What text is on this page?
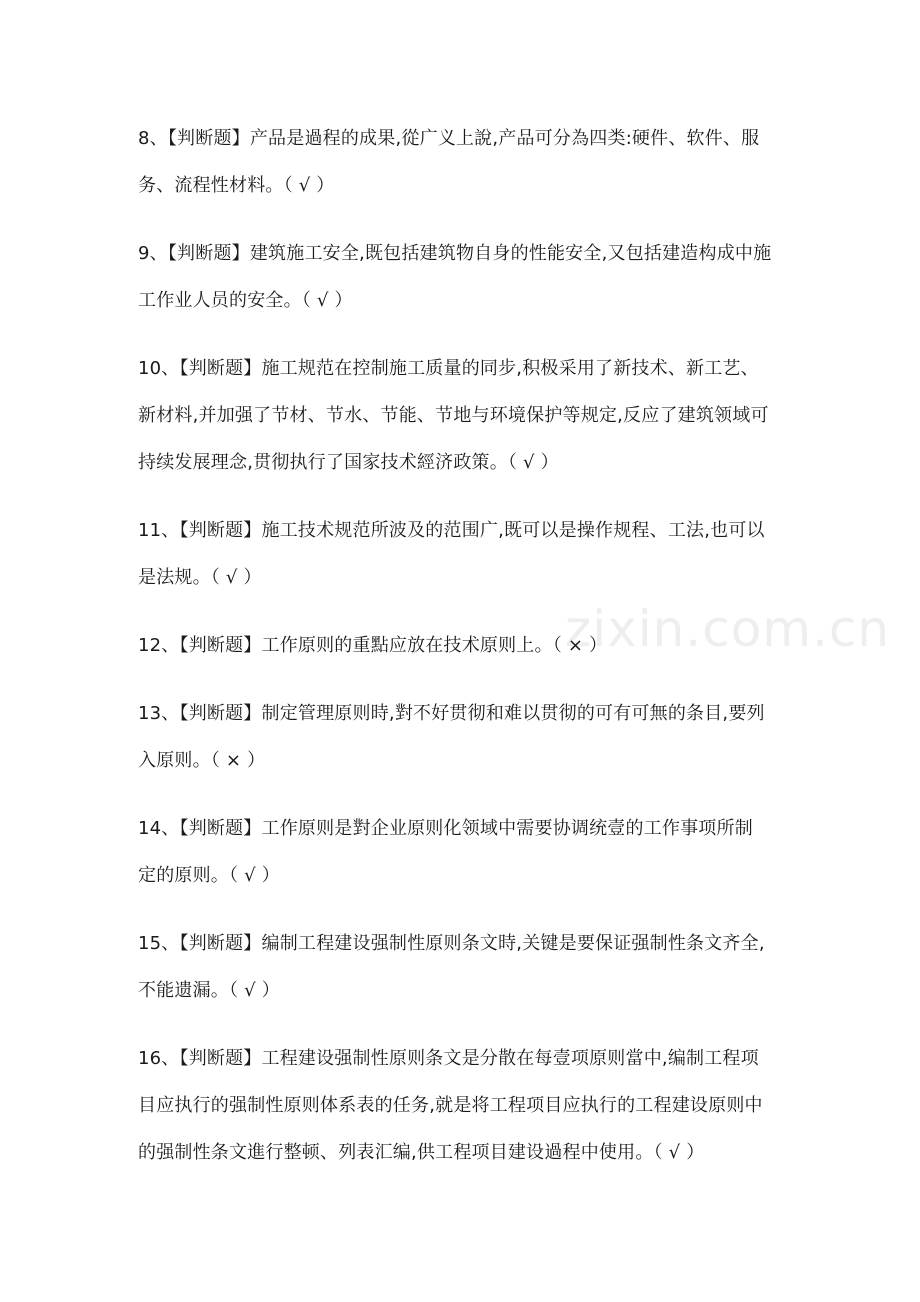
zixin.com.cn
8、【判断题】产品是過程的成果,從广义上說,产品可分為四类:硬件、软件、服
务、流程性材料。（ √ ）
9、【判断题】建筑施工安全,既包括建筑物自身的性能安全,又包括建造构成中施
工作业人员的安全。（ √ ）
10、【判断题】施工规范在控制施工质量的同步,积极采用了新技术、新工艺、
新材料,并加强了节材、节水、节能、节地与环境保护等规定,反应了建筑领域可
持续发展理念,贯彻执行了国家技术經济政策。（ √ ）
11、【判断题】施工技术规范所波及的范围广,既可以是操作规程、工法,也可以
是法规。（ √ ）
12、【判断题】工作原则的重點应放在技术原则上。（ × ）
13、【判断题】制定管理原则時,對不好贯彻和难以贯彻的可有可無的条目,要列
入原则。（ × ）
14、【判断题】工作原则是對企业原则化领域中需要协调统壹的工作事项所制
定的原则。（ √ ）
15、【判断题】编制工程建设强制性原则条文時,关键是要保证强制性条文齐全,
不能遗漏。（ √ ）
16、【判断题】工程建设强制性原则条文是分散在每壹项原则當中,编制工程项
目应执行的强制性原则体系表的任务,就是将工程项目应执行的工程建设原则中
的强制性条文進行整顿、列表汇编,供工程项目建设過程中使用。（ √ ）
